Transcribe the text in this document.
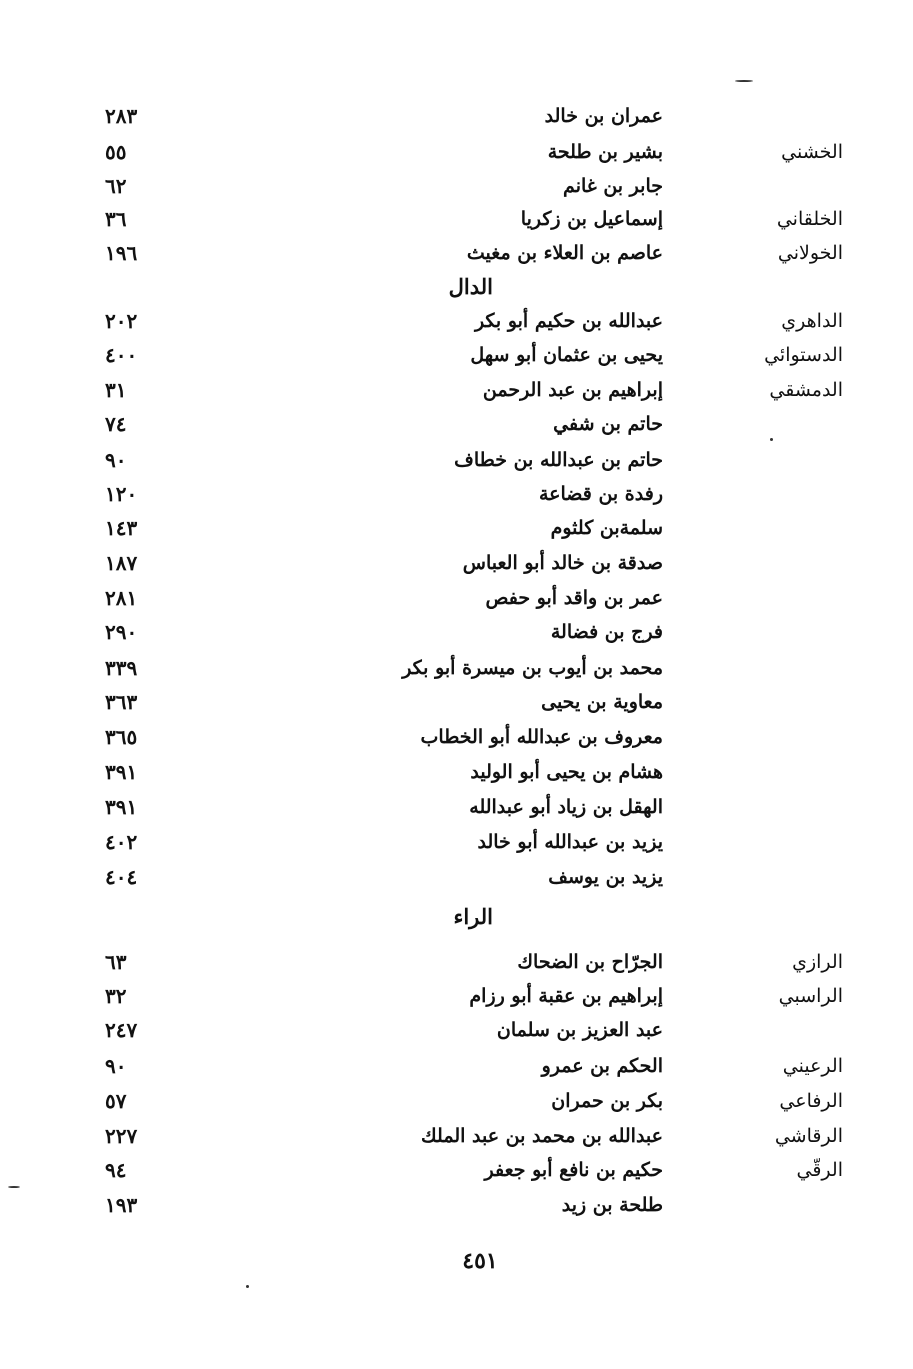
عمران بن خالد
٢٨٣
الخشني
بشير بن طلحة
٥٥
جابر بن غانم
٦٢
الخلقاني
إسماعيل بن زكريا
٣٦
الخولاني
عاصم بن العلاء بن مغيث
١٩٦
الدال
الداهري
عبدالله بن حكيم أبو بكر
٢٠٢
الدستوائي
يحيى بن عثمان أبو سهل
٤٠٠
الدمشقي
إبراهيم بن عبد الرحمن
٣١
حاتم بن شفي
٧٤
حاتم بن عبدالله بن خطاف
٩٠
رفدة بن قضاعة
١٢٠
سلمةبن كلثوم
١٤٣
صدقة بن خالد أبو العباس
١٨٧
عمر بن واقد أبو حفص
٢٨١
فرج بن فضالة
٢٩٠
محمد بن أيوب بن ميسرة أبو بكر
٣٣٩
معاوية بن يحيى
٣٦٣
معروف بن عبدالله أبو الخطاب
٣٦٥
هشام بن يحيى أبو الوليد
٣٩١
الهقل بن زياد أبو عبدالله
٣٩١
يزيد بن عبدالله أبو خالد
٤٠٢
يزيد بن يوسف
٤٠٤
الراء
الرازي
الجرّاح بن الضحاك
٦٣
الراسبي
إبراهيم بن عقبة أبو رزام
٣٢
عبد العزيز بن سلمان
٢٤٧
الرعيني
الحكم بن عمرو
٩٠
الرفاعي
بكر بن حمران
٥٧
الرقاشي
عبدالله بن محمد بن عبد الملك
٢٢٧
الرقّي
حكيم بن نافع أبو جعفر
٩٤
طلحة بن زيد
١٩٣
٤٥١
